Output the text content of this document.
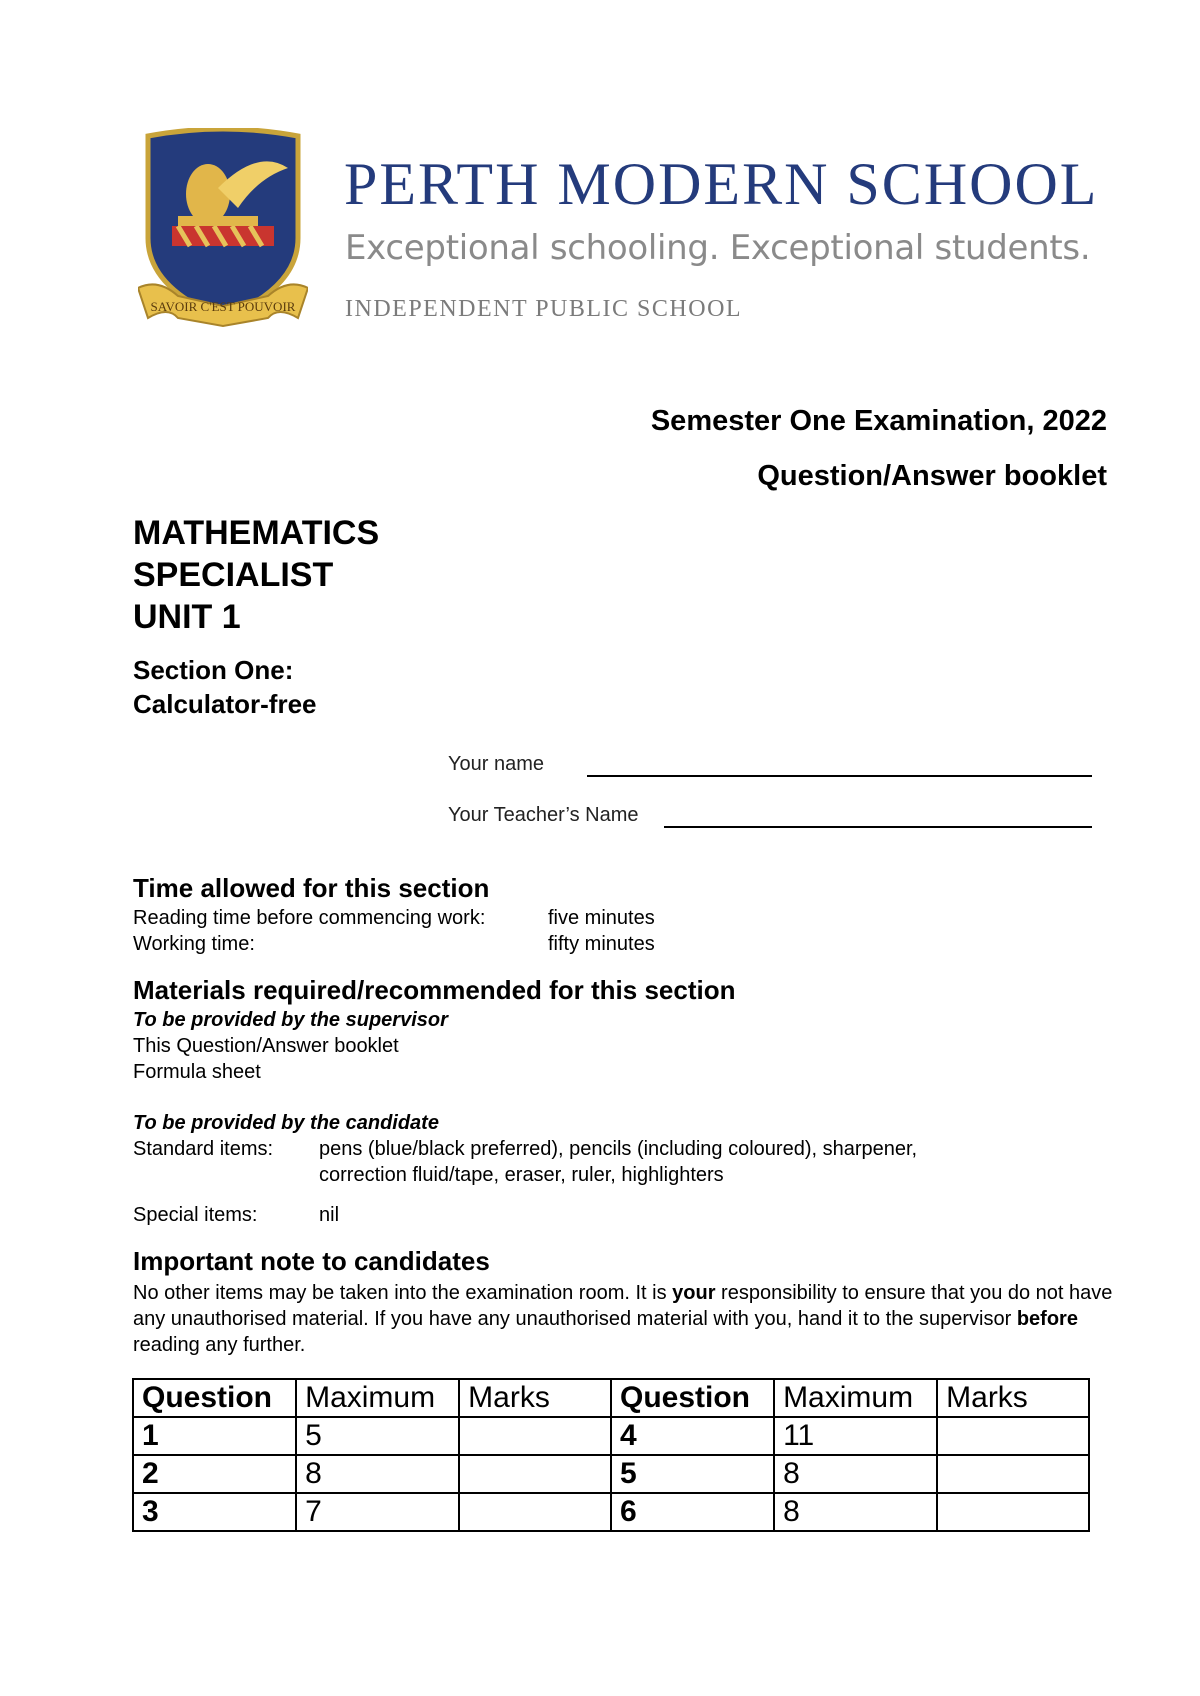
SAVOIR C'EST POUVOIR
PERTH MODERN SCHOOL
Exceptional schooling. Exceptional students.
INDEPENDENT PUBLIC SCHOOL
Semester One Examination, 2022
Question/Answer booklet
MATHEMATICS
SPECIALIST
UNIT 1
Section One:
Calculator-free
Your name
Your Teacher’s Name
Time allowed for this section
Reading time before commencing work:	five minutes
Working time:	fifty minutes
Materials required/recommended for this section
To be provided by the supervisor
This Question/Answer booklet
Formula sheet
To be provided by the candidate
Standard items: pens (blue/black preferred), pencils (including coloured), sharpener,
correction fluid/tape, eraser, ruler, highlighters
Special items:	nil
Important note to candidates
No other items may be taken into the examination room. It is your responsibility to ensure that you do not have any unauthorised material. If you have any unauthorised material with you, hand it to the supervisor before reading any further.
Question	Maximum	Marks	Question	Maximum	Marks
1	5		4	11	
2	8		5	8	
3	7		6	8	
